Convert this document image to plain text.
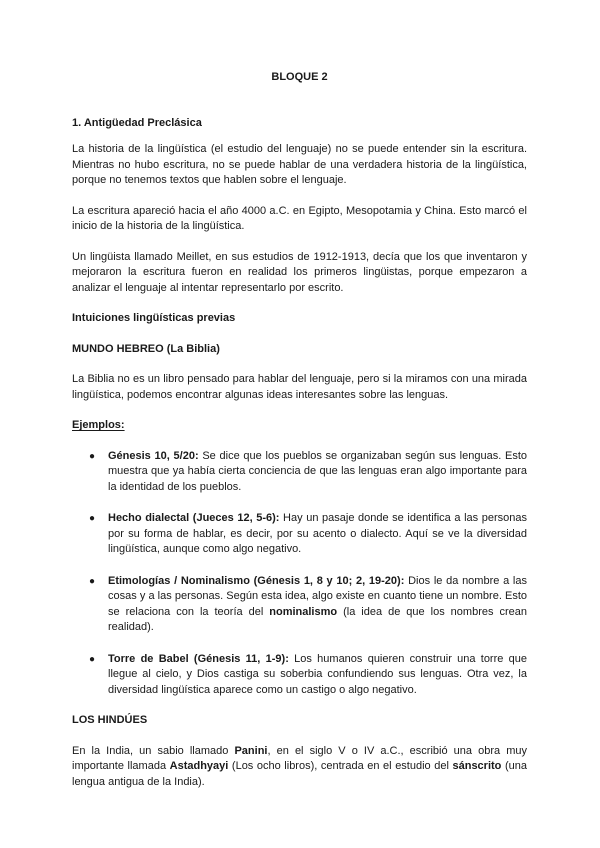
BLOQUE 2
1. Antigüedad Preclásica

La historia de la lingüística (el estudio del lenguaje) no se puede entender sin la escritura. Mientras no hubo escritura, no se puede hablar de una verdadera historia de la lingüística, porque no tenemos textos que hablen sobre el lenguaje.

La escritura apareció hacia el año 4000 a.C. en Egipto, Mesopotamia y China. Esto marcó el inicio de la historia de la lingüística.

Un lingüista llamado Meillet, en sus estudios de 1912-1913, decía que los que inventaron y mejoraron la escritura fueron en realidad los primeros lingüistas, porque empezaron a analizar el lenguaje al intentar representarlo por escrito.

Intuiciones lingüísticas previas
MUNDO HEBREO (La Biblia)

La Biblia no es un libro pensado para hablar del lenguaje, pero si la miramos con una mirada lingüística, podemos encontrar algunas ideas interesantes sobre las lenguas.

Ejemplos:
● Génesis 10, 5/20: Se dice que los pueblos se organizaban según sus lenguas. Esto muestra que ya había cierta conciencia de que las lenguas eran algo importante para la identidad de los pueblos.
● Hecho dialectal (Jueces 12, 5-6): Hay un pasaje donde se identifica a las personas por su forma de hablar, es decir, por su acento o dialecto. Aquí se ve la diversidad lingüística, aunque como algo negativo.
● Etimologías / Nominalismo (Génesis 1, 8 y 10; 2, 19-20): Dios le da nombre a las cosas y a las personas. Según esta idea, algo existe en cuanto tiene un nombre. Esto se relaciona con la teoría del nominalismo (la idea de que los nombres crean realidad).
● Torre de Babel (Génesis 11, 1-9): Los humanos quieren construir una torre que llegue al cielo, y Dios castiga su soberbia confundiendo sus lenguas. Otra vez, la diversidad lingüística aparece como un castigo o algo negativo.
LOS HINDÚES

En la India, un sabio llamado Panini, en el siglo V o IV a.C., escribió una obra muy importante llamada Astadhyayi (Los ocho libros), centrada en el estudio del sánscrito (una lengua antigua de la India).
